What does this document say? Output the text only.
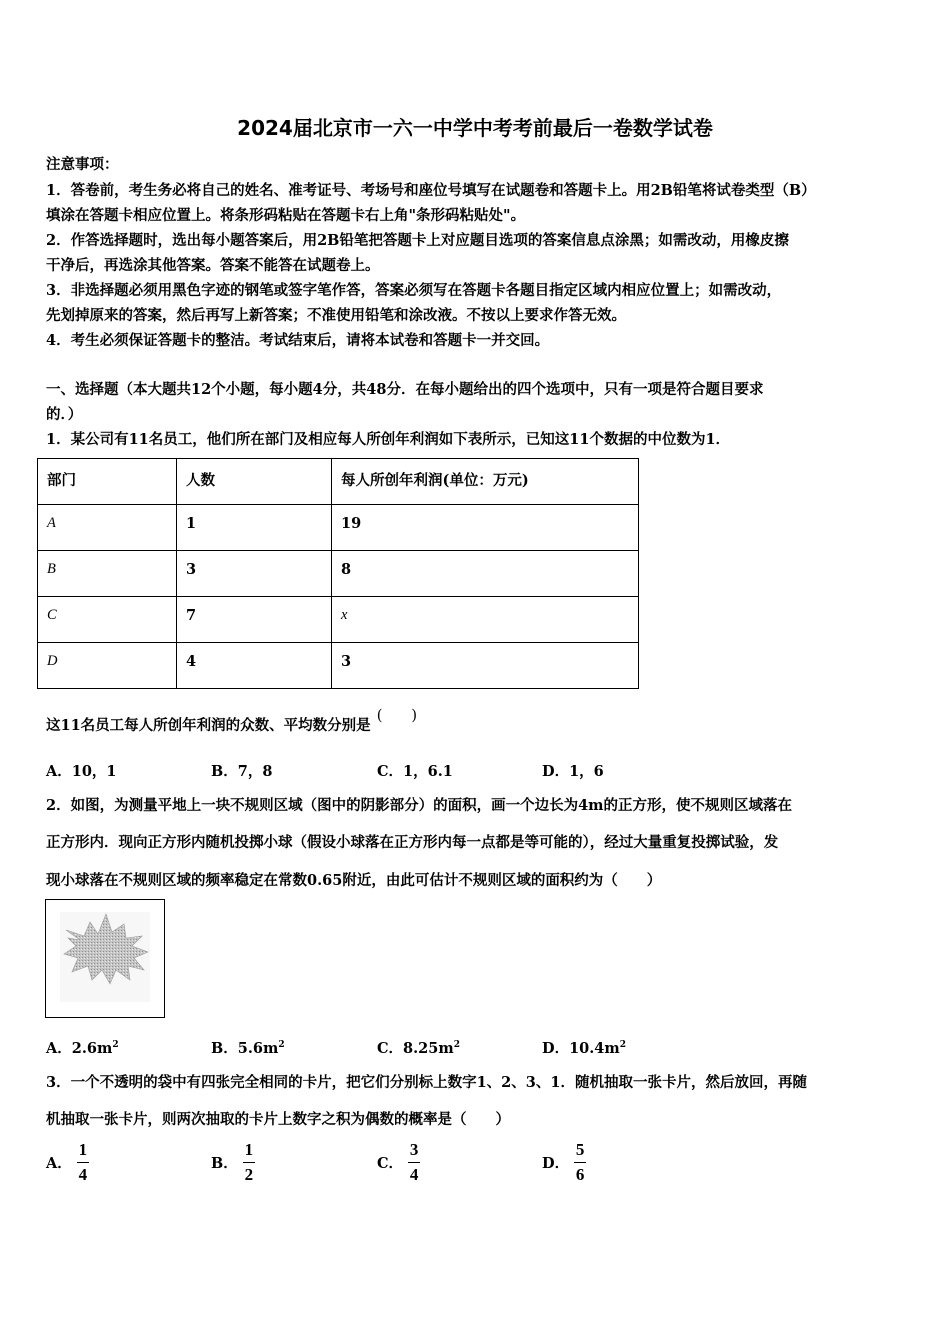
2024届北京市一六一中学中考考前最后一卷数学试卷
注意事项：
1．答卷前，考生务必将自己的姓名、准考证号、考场号和座位号填写在试题卷和答题卡上。用2B铅笔将试卷类型（B）
填涂在答题卡相应位置上。将条形码粘贴在答题卡右上角"条形码粘贴处"。
2．作答选择题时，选出每小题答案后，用2B铅笔把答题卡上对应题目选项的答案信息点涂黑；如需改动，用橡皮擦
干净后，再选涂其他答案。答案不能答在试题卷上。
3．非选择题必须用黑色字迹的钢笔或签字笔作答，答案必须写在答题卡各题目指定区域内相应位置上；如需改动，
先划掉原来的答案，然后再写上新答案；不准使用铅笔和涂改液。不按以上要求作答无效。
4．考生必须保证答题卡的整洁。考试结束后，请将本试卷和答题卡一并交回。
一、选择题（本大题共12个小题，每小题4分，共48分．在每小题给出的四个选项中，只有一项是符合题目要求
的．）
1．某公司有11名员工，他们所在部门及相应每人所创年利润如下表所示，已知这11个数据的中位数为1．
部门	人数	每人所创年利润(单位：万元)
A	1	19
B	3	8
C	7	x
D	4	3
这11名员工每人所创年利润的众数、平均数分别是(　　)
A．10，1	B．7，8	C．1，6.1	D．1，6
2．如图，为测量平地上一块不规则区域（图中的阴影部分）的面积，画一个边长为4m的正方形，使不规则区域落在
正方形内．现向正方形内随机投掷小球（假设小球落在正方形内每一点都是等可能的），经过大量重复投掷试验，发
现小球落在不规则区域的频率稳定在常数0.65附近，由此可估计不规则区域的面积约为（　　）
A．$2.6m^2$	B．$5.6m^2$	C．$8.25m^2$	D．$10.4m^2$
3．一个不透明的袋中有四张完全相同的卡片，把它们分别标上数字1、2、3、1．随机抽取一张卡片，然后放回，再随
机抽取一张卡片，则两次抽取的卡片上数字之积为偶数的概率是（　　）
A． $\frac{1}{4}$	B． $\frac{1}{2}$	C． $\frac{3}{4}$	D． $\frac{5}{6}$
